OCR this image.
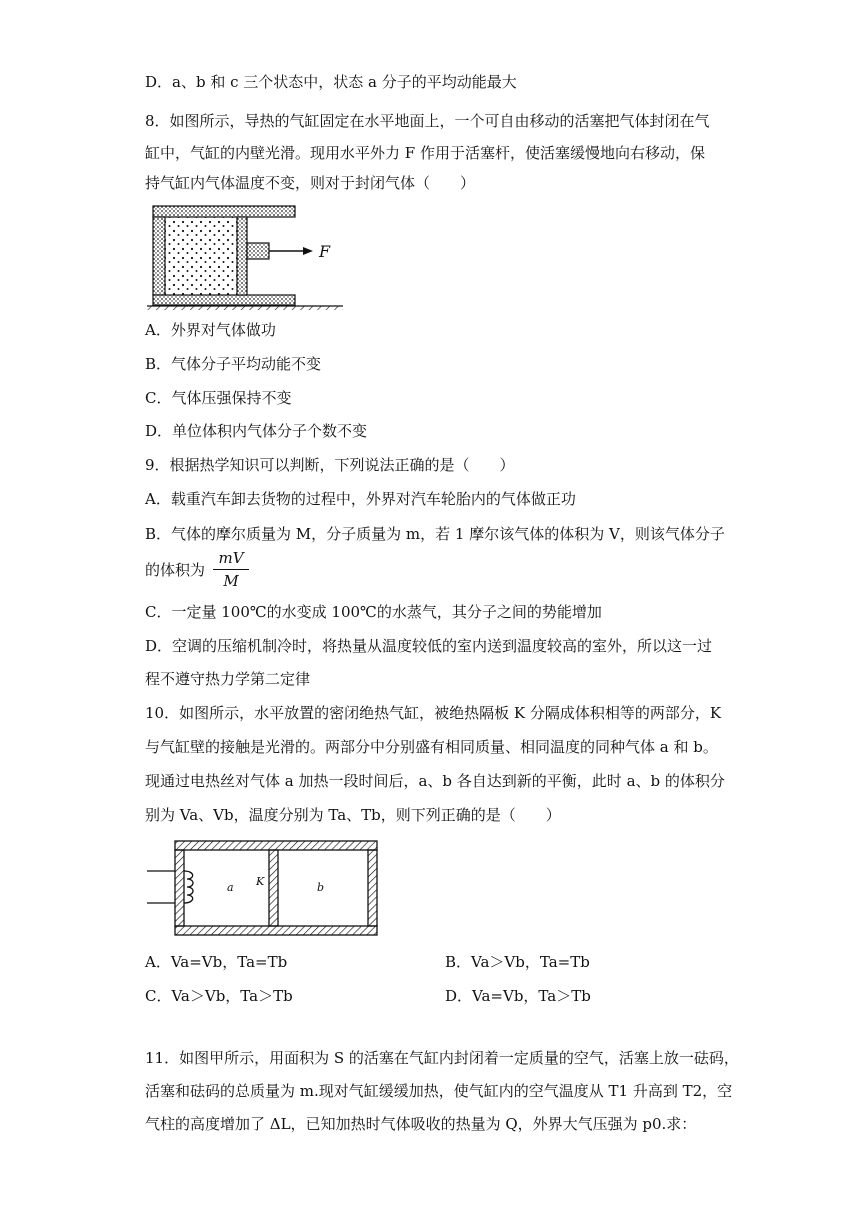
D．a、b 和 c 三个状态中，状态 a 分子的平均动能最大
8．如图所示，导热的气缸固定在水平地面上，一个可自由移动的活塞把气体封闭在气
缸中，气缸的内壁光滑。现用水平外力 F 作用于活塞杆，使活塞缓慢地向右移动，保
持气缸内气体温度不变，则对于封闭气体（　　）
F
A．外界对气体做功
B．气体分子平均动能不变
C．气体压强保持不变
D．单位体积内气体分子个数不变
9．根据热学知识可以判断，下列说法正确的是（　　）
A．载重汽车卸去货物的过程中，外界对汽车轮胎内的气体做正功
B．气体的摩尔质量为 M，分子质量为 m，若 1 摩尔该气体的体积为 V，则该气体分子
的体积为
mV
M
C．一定量 100℃的水变成 100℃的水蒸气，其分子之间的势能增加
D．空调的压缩机制冷时，将热量从温度较低的室内送到温度较高的室外，所以这一过
程不遵守热力学第二定律
10．如图所示，水平放置的密闭绝热气缸，被绝热隔板 K 分隔成体积相等的两部分，K
与气缸壁的接触是光滑的。两部分中分别盛有相同质量、相同温度的同种气体 a 和 b。
现通过电热丝对气体 a 加热一段时间后，a、b 各自达到新的平衡，此时 a、b 的体积分
别为 Va、Vb，温度分别为 Ta、Tb，则下列正确的是（　　）
a K	b
A．Va=Vb，Ta=Tb	B．Va＞Vb，Ta=Tb
C．Va＞Vb，Ta＞Tb	D．Va=Vb，Ta＞Tb
11．如图甲所示，用面积为 S 的活塞在气缸内封闭着一定质量的空气，活塞上放一砝码，
活塞和砝码的总质量为 m.现对气缸缓缓加热，使气缸内的空气温度从 T1 升高到 T2，空
气柱的高度增加了 ΔL，已知加热时气体吸收的热量为 Q，外界大气压强为 p0.求：
